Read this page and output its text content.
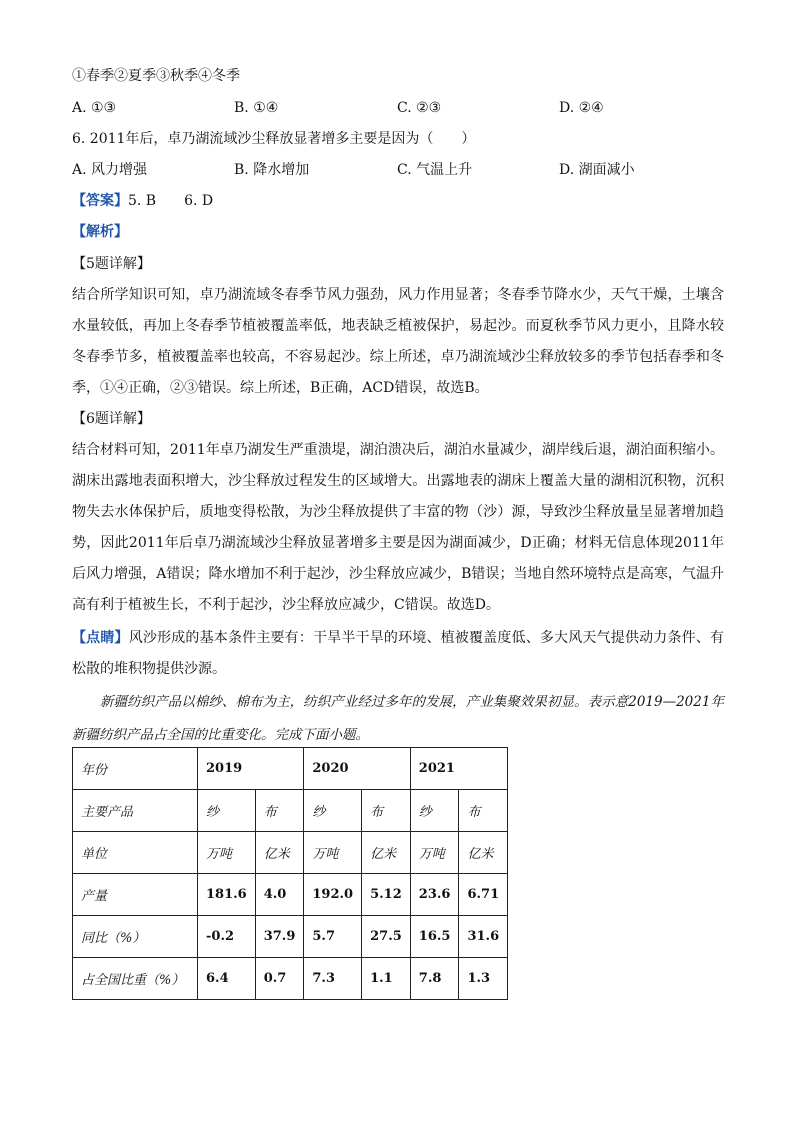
①春季②夏季③秋季④冬季
A. ①③	B. ①④	C. ②③	D. ②④
6. 2011年后，卓乃湖流域沙尘释放显著增多主要是因为（　　）
A. 风力增强	B. 降水增加	C. 气温上升	D. 湖面减小
【答案】5. B　　6. D
【解析】
【5题详解】
结合所学知识可知，卓乃湖流域冬春季节风力强劲，风力作用显著；冬春季节降水少，天气干燥，土壤含水量较低，再加上冬春季节植被覆盖率低，地表缺乏植被保护，易起沙。而夏秋季节风力更小，且降水较冬春季节多，植被覆盖率也较高，不容易起沙。综上所述，卓乃湖流域沙尘释放较多的季节包括春季和冬季，①④正确，②③错误。综上所述，B正确，ACD错误，故选B。
【6题详解】
结合材料可知，2011年卓乃湖发生严重溃堤，湖泊溃决后，湖泊水量减少，湖岸线后退，湖泊面积缩小。湖床出露地表面积增大，沙尘释放过程发生的区域增大。出露地表的湖床上覆盖大量的湖相沉积物，沉积物失去水体保护后，质地变得松散，为沙尘释放提供了丰富的物（沙）源，导致沙尘释放量呈显著增加趋势，因此2011年后卓乃湖流域沙尘释放显著增多主要是因为湖面减少，D正确；材料无信息体现2011年后风力增强，A错误；降水增加不利于起沙，沙尘释放应减少，B错误；当地自然环境特点是高寒，气温升高有利于植被生长，不利于起沙，沙尘释放应减少，C错误。故选D。
【点睛】风沙形成的基本条件主要有：干旱半干旱的环境、植被覆盖度低、多大风天气提供动力条件、有松散的堆积物提供沙源。
新疆纺织产品以棉纱、棉布为主，纺织产业经过多年的发展，产业集聚效果初显。表示意2019—2021年新疆纺织产品占全国的比重变化。完成下面小题。
年份	2019		2020		2021	
主要产品	纱	布	纱	布	纱	布
单位	万吨	亿米	万吨	亿米	万吨	亿米
产量	181.6	4.0	192.0	5.12	23.6	6.71
同比（%）	-0.2	37.9	5.7	27.5	16.5	31.6
占全国比重（%）	6.4	0.7	7.3	1.1	7.8	1.3
